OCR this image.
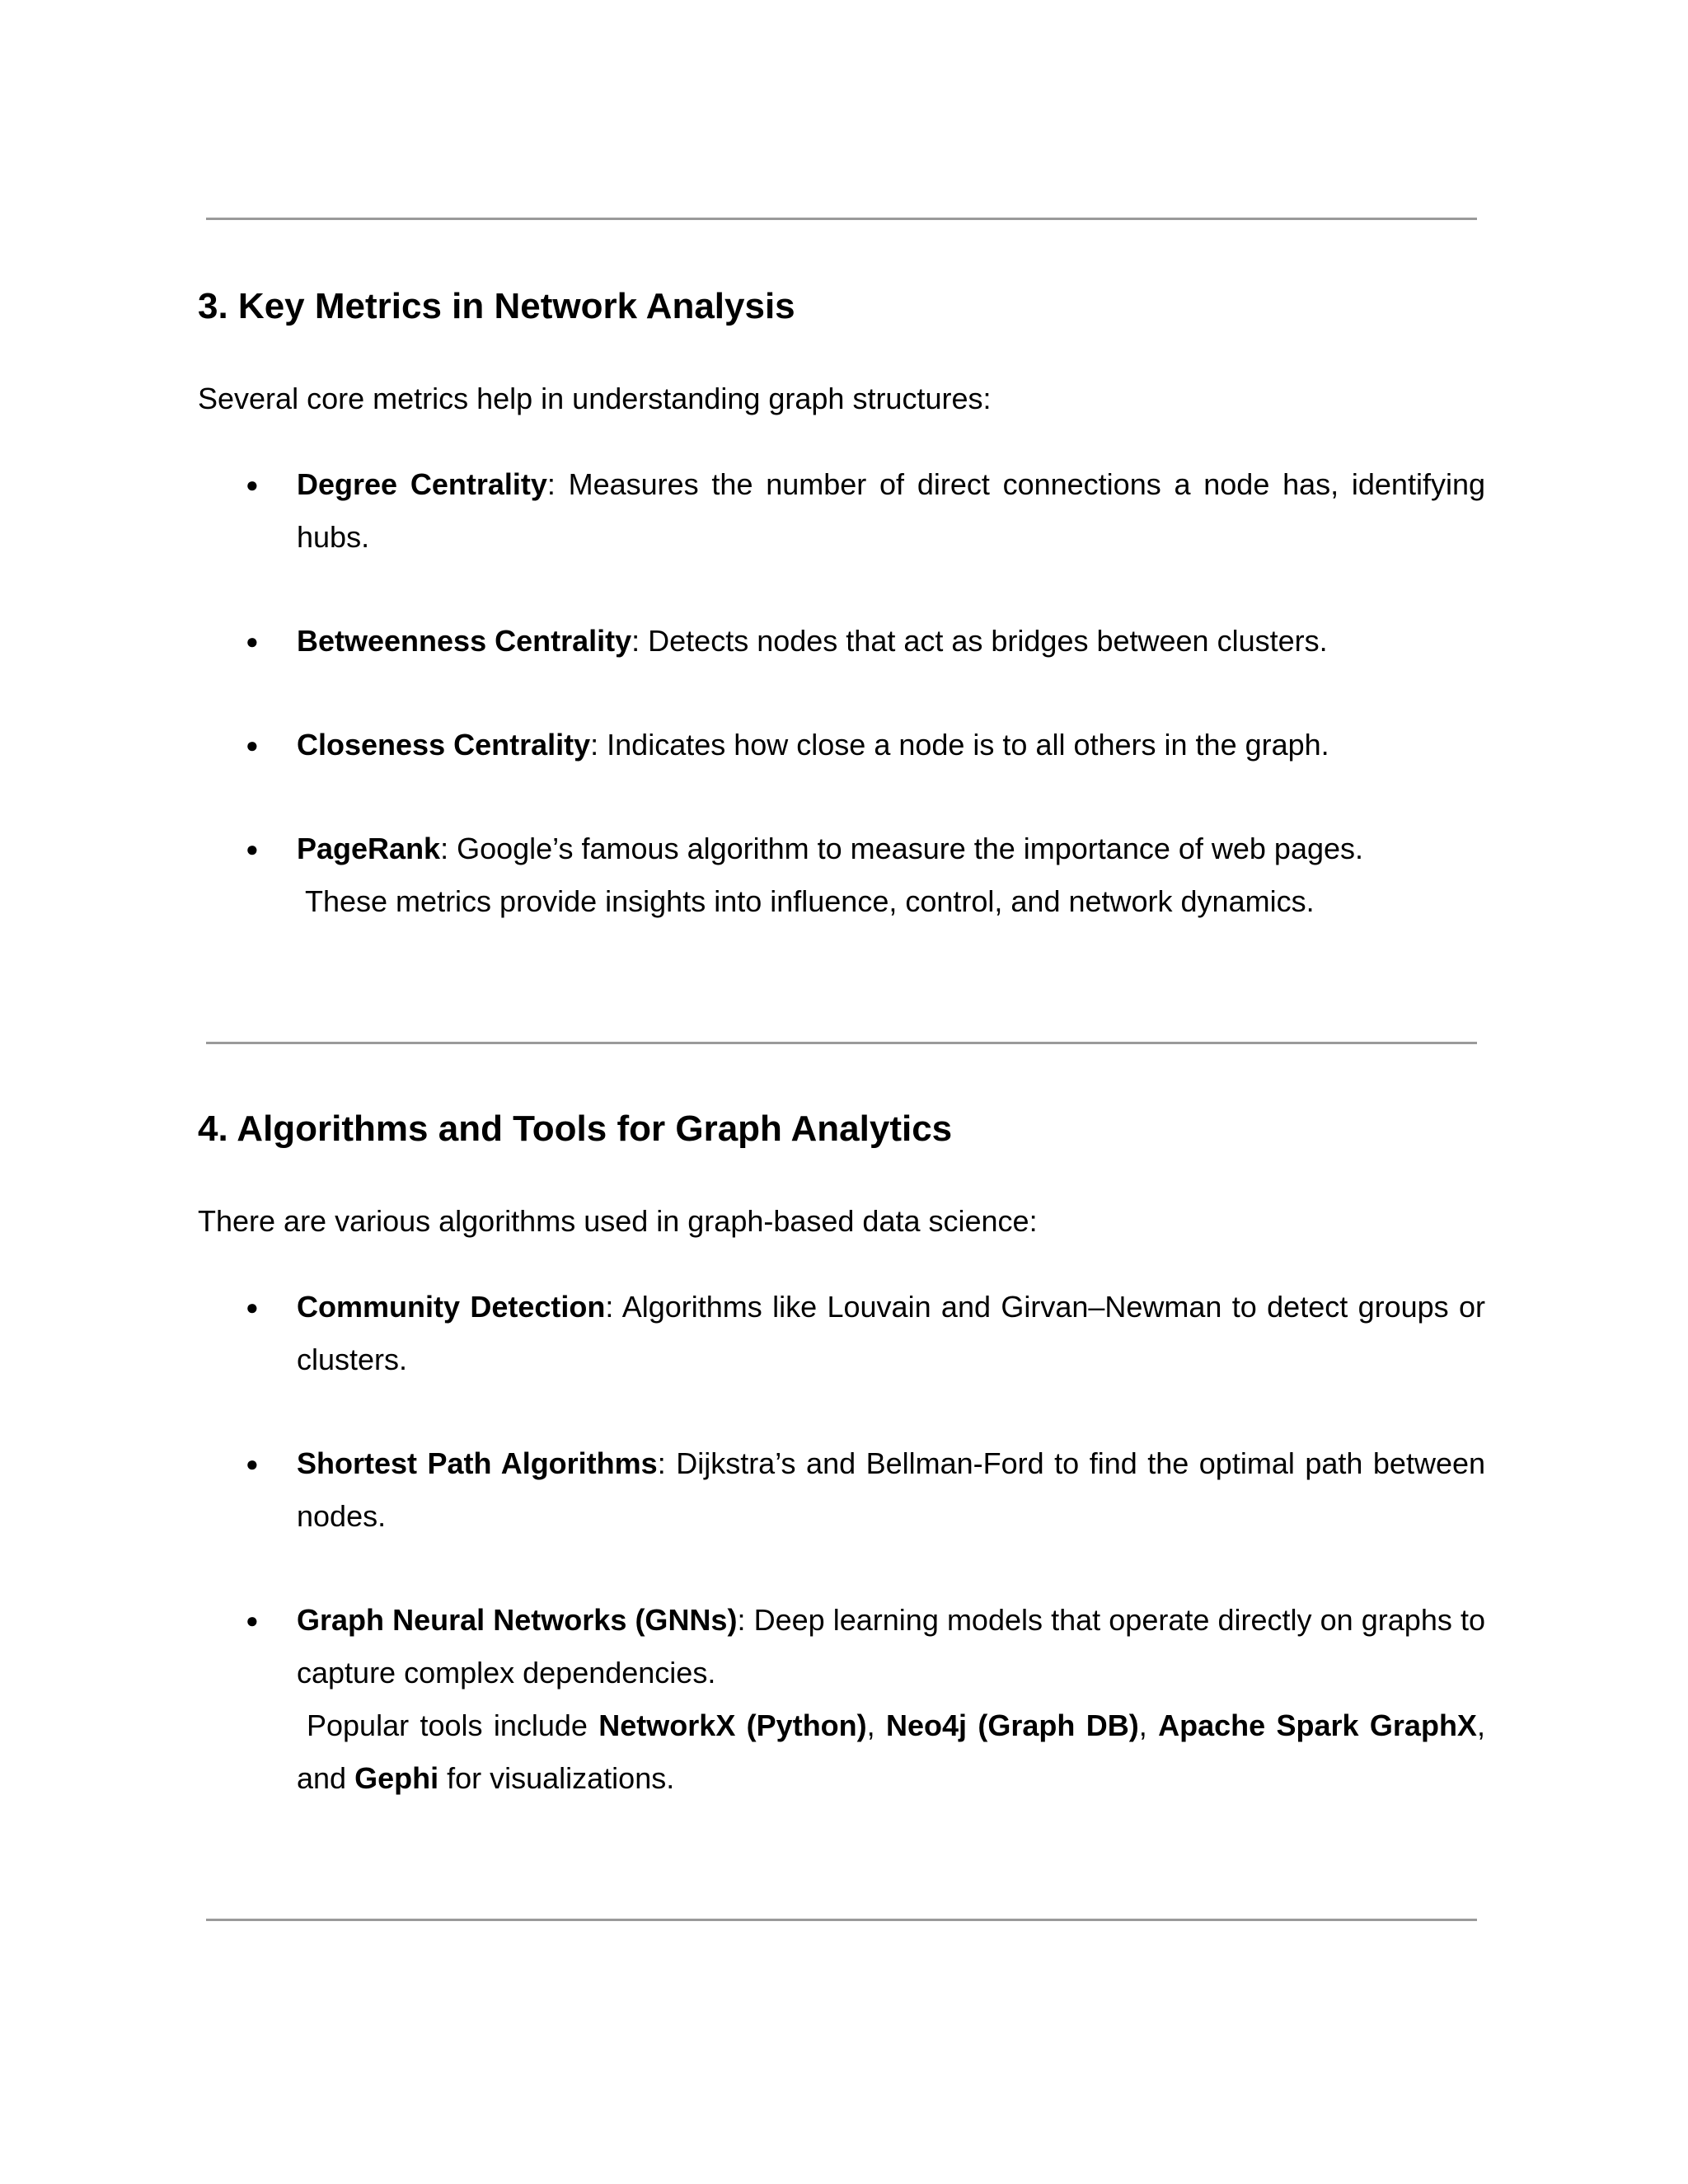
3. Key Metrics in Network Analysis

Several core metrics help in understanding graph structures:

● Degree Centrality: Measures the number of direct connections a node has, identifying hubs.

● Betweenness Centrality: Detects nodes that act as bridges between clusters.

● Closeness Centrality: Indicates how close a node is to all others in the graph.

● PageRank: Google’s famous algorithm to measure the importance of web pages.
These metrics provide insights into influence, control, and network dynamics.

4. Algorithms and Tools for Graph Analytics

There are various algorithms used in graph-based data science:

● Community Detection: Algorithms like Louvain and Girvan–Newman to detect groups or clusters.

● Shortest Path Algorithms: Dijkstra’s and Bellman-Ford to find the optimal path between nodes.

● Graph Neural Networks (GNNs): Deep learning models that operate directly on graphs to capture complex dependencies.
Popular tools include NetworkX (Python), Neo4j (Graph DB), Apache Spark GraphX, and Gephi for visualizations.
